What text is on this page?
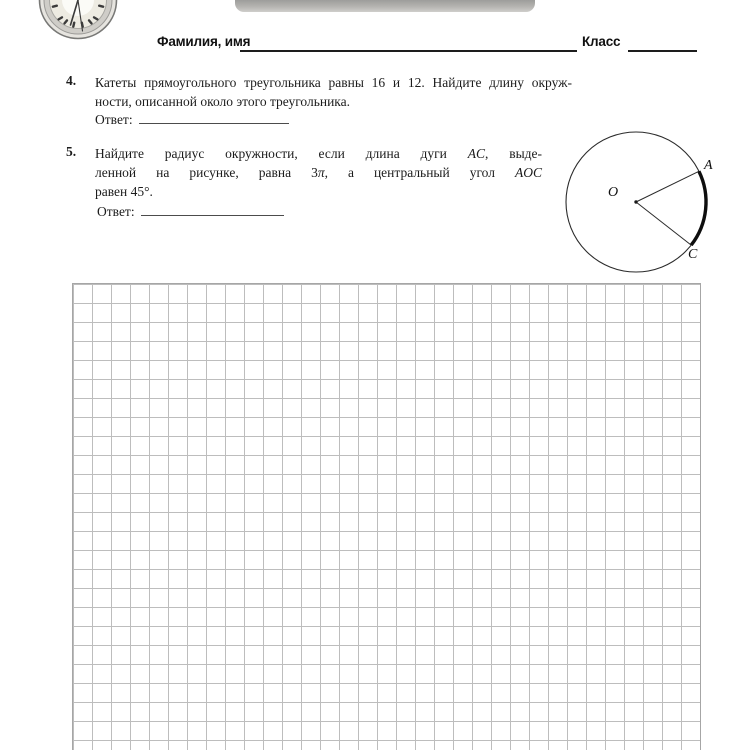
Фамилия, имя	Класс
4.	Катеты прямоугольного треугольника равны 16 и 12. Найдите длину окруж-
ности, описанной около этого треугольника.
Ответ:
5.	Найдите радиус окружности, если длина дуги AC, выде-
ленной на рисунке, равна 3π, а центральный угол AOC
равен 45°.
Ответ:
O
A
C
